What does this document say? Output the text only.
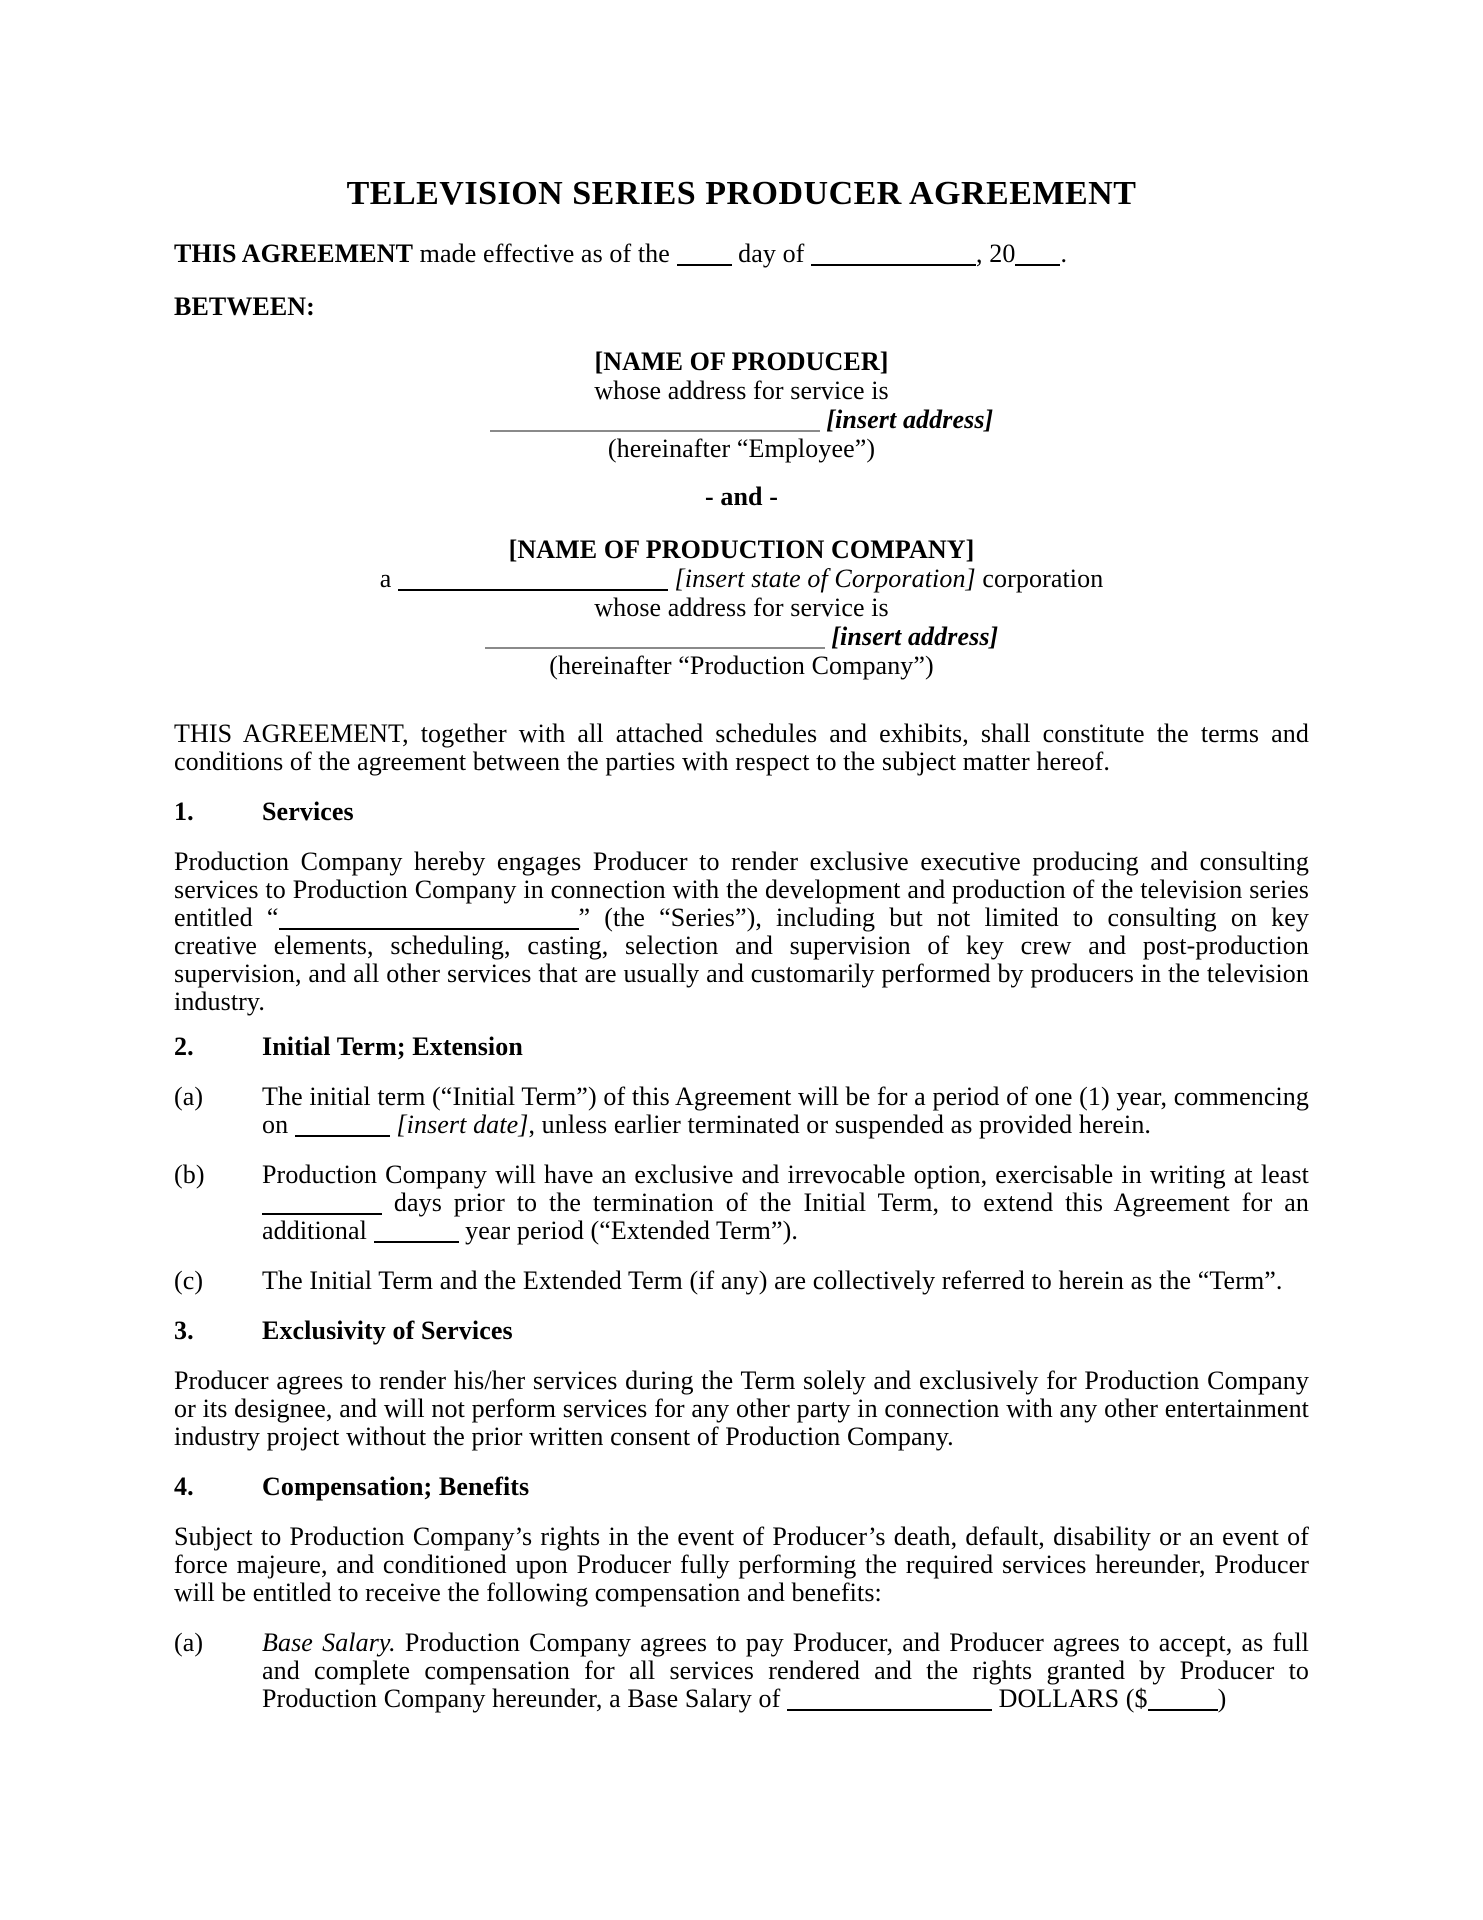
TELEVISION SERIES PRODUCER AGREEMENT
THIS AGREEMENT made effective as of the  day of	, 20 .
BETWEEN:
[NAME OF PRODUCER]
whose address for service is
[insert address]
(hereinafter “Employee”)
- and -
[NAME OF PRODUCTION COMPANY]
a	[insert state of Corporation] corporation
whose address for service is
[insert address]
(hereinafter “Production Company”)
THIS AGREEMENT, together with all attached schedules and exhibits, shall constitute the terms and conditions of the agreement between the parties with respect to the subject matter hereof.
1.	Services
Production Company hereby engages Producer to render exclusive executive producing and consulting services to Production Company in connection with the development and production of the television series entitled “	” (the “Series”), including but not limited to consulting on key creative elements, scheduling, casting, selection and supervision of key crew and post-production supervision, and all other services that are usually and customarily performed by producers in the television industry.
2.	Initial Term; Extension
(a)	The initial term (“Initial Term”) of this Agreement will be for a period of one (1) year, commencing on	[insert date], unless earlier terminated or suspended as provided herein.
(b)	Production Company will have an exclusive and irrevocable option, exercisable in writing at least  days prior to the termination of the Initial Term, to extend this Agreement for an additional	year period (“Extended Term”).
(c)	The Initial Term and the Extended Term (if any) are collectively referred to herein as the “Term”.
3.	Exclusivity of Services
Producer agrees to render his/her services during the Term solely and exclusively for Production Company or its designee, and will not perform services for any other party in connection with any other entertainment industry project without the prior written consent of Production Company.
4.	Compensation; Benefits
Subject to Production Company’s rights in the event of Producer’s death, default, disability or an event of force majeure, and conditioned upon Producer fully performing the required services hereunder, Producer will be entitled to receive the following compensation and benefits:
(a)	Base Salary. Production Company agrees to pay Producer, and Producer agrees to accept, as full and complete compensation for all services rendered and the rights granted by Producer to Production Company hereunder, a Base Salary of	DOLLARS ($	)
